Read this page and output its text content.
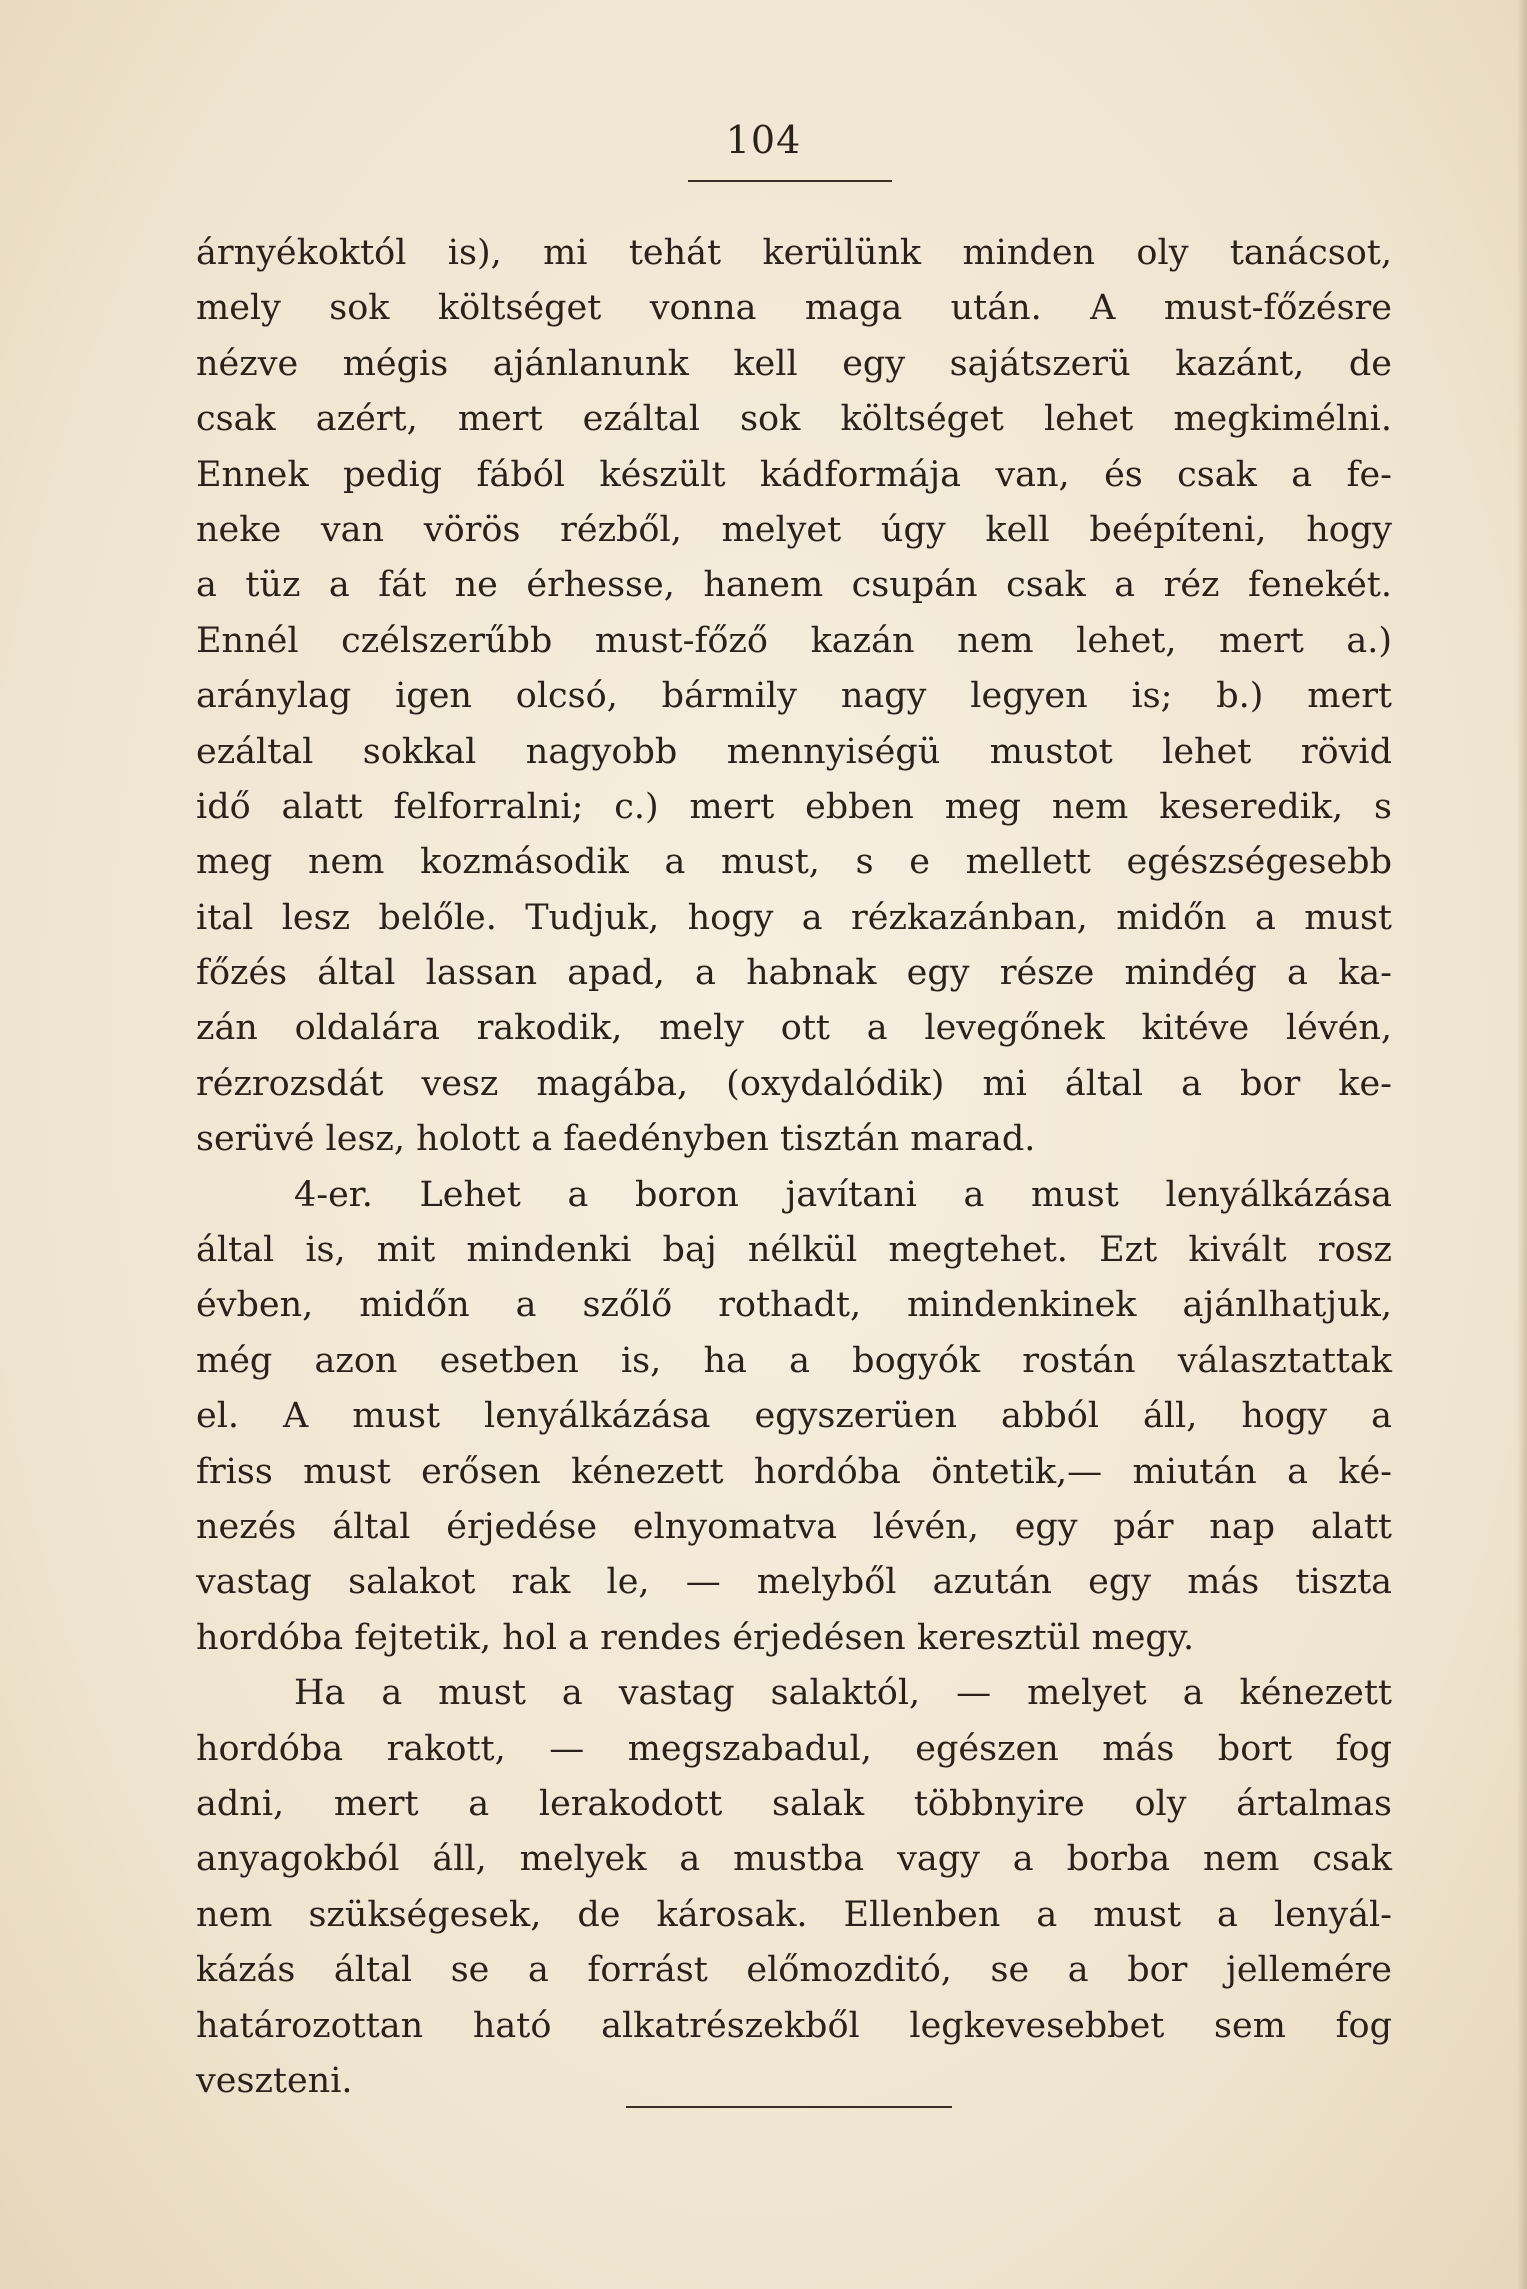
104
árnyékoktól is), mi tehát kerülünk minden oly tanácsot,
mely sok költséget vonna maga után. A must-főzésre
nézve mégis ajánlanunk kell egy sajátszerü kazánt, de
csak azért, mert ezáltal sok költséget lehet megkimélni.
Ennek pedig fából készült kádformája van, és csak a fe-
neke van vörös rézből, melyet úgy kell beépíteni, hogy
a tüz a fát ne érhesse, hanem csupán csak a réz fenekét.
Ennél czélszerűbb must-főző kazán nem lehet, mert a.)
aránylag igen olcsó, bármily nagy legyen is; b.) mert
ezáltal sokkal nagyobb mennyiségü mustot lehet rövid
idő alatt felforralni; c.) mert ebben meg nem keseredik, s
meg nem kozmásodik a must, s e mellett egészségesebb
ital lesz belőle. Tudjuk, hogy a rézkazánban, midőn a must
főzés által lassan apad, a habnak egy része mindég a ka-
zán oldalára rakodik, mely ott a levegőnek kitéve lévén,
rézrozsdát vesz magába, (oxydalódik) mi által a bor ke-
serüvé lesz, holott a faedényben tisztán marad.
4-er. Lehet a boron javítani a must lenyálkázása
által is, mit mindenki baj nélkül megtehet. Ezt kivált rosz
évben, midőn a szőlő rothadt, mindenkinek ajánlhatjuk,
még azon esetben is, ha a bogyók rostán választattak
el. A must lenyálkázása egyszerüen abból áll, hogy a
friss must erősen kénezett hordóba öntetik,— miután a ké-
nezés által érjedése elnyomatva lévén, egy pár nap alatt
vastag salakot rak le, — melyből azután egy más tiszta
hordóba fejtetik, hol a rendes érjedésen keresztül megy.
Ha a must a vastag salaktól, — melyet a kénezett
hordóba rakott, — megszabadul, egészen más bort fog
adni, mert a lerakodott salak többnyire oly ártalmas
anyagokból áll, melyek a mustba vagy a borba nem csak
nem szükségesek, de károsak. Ellenben a must a lenyál-
kázás által se a forrást előmozditó, se a bor jellemére
határozottan ható alkatrészekből legkevesebbet sem fog
veszteni.
